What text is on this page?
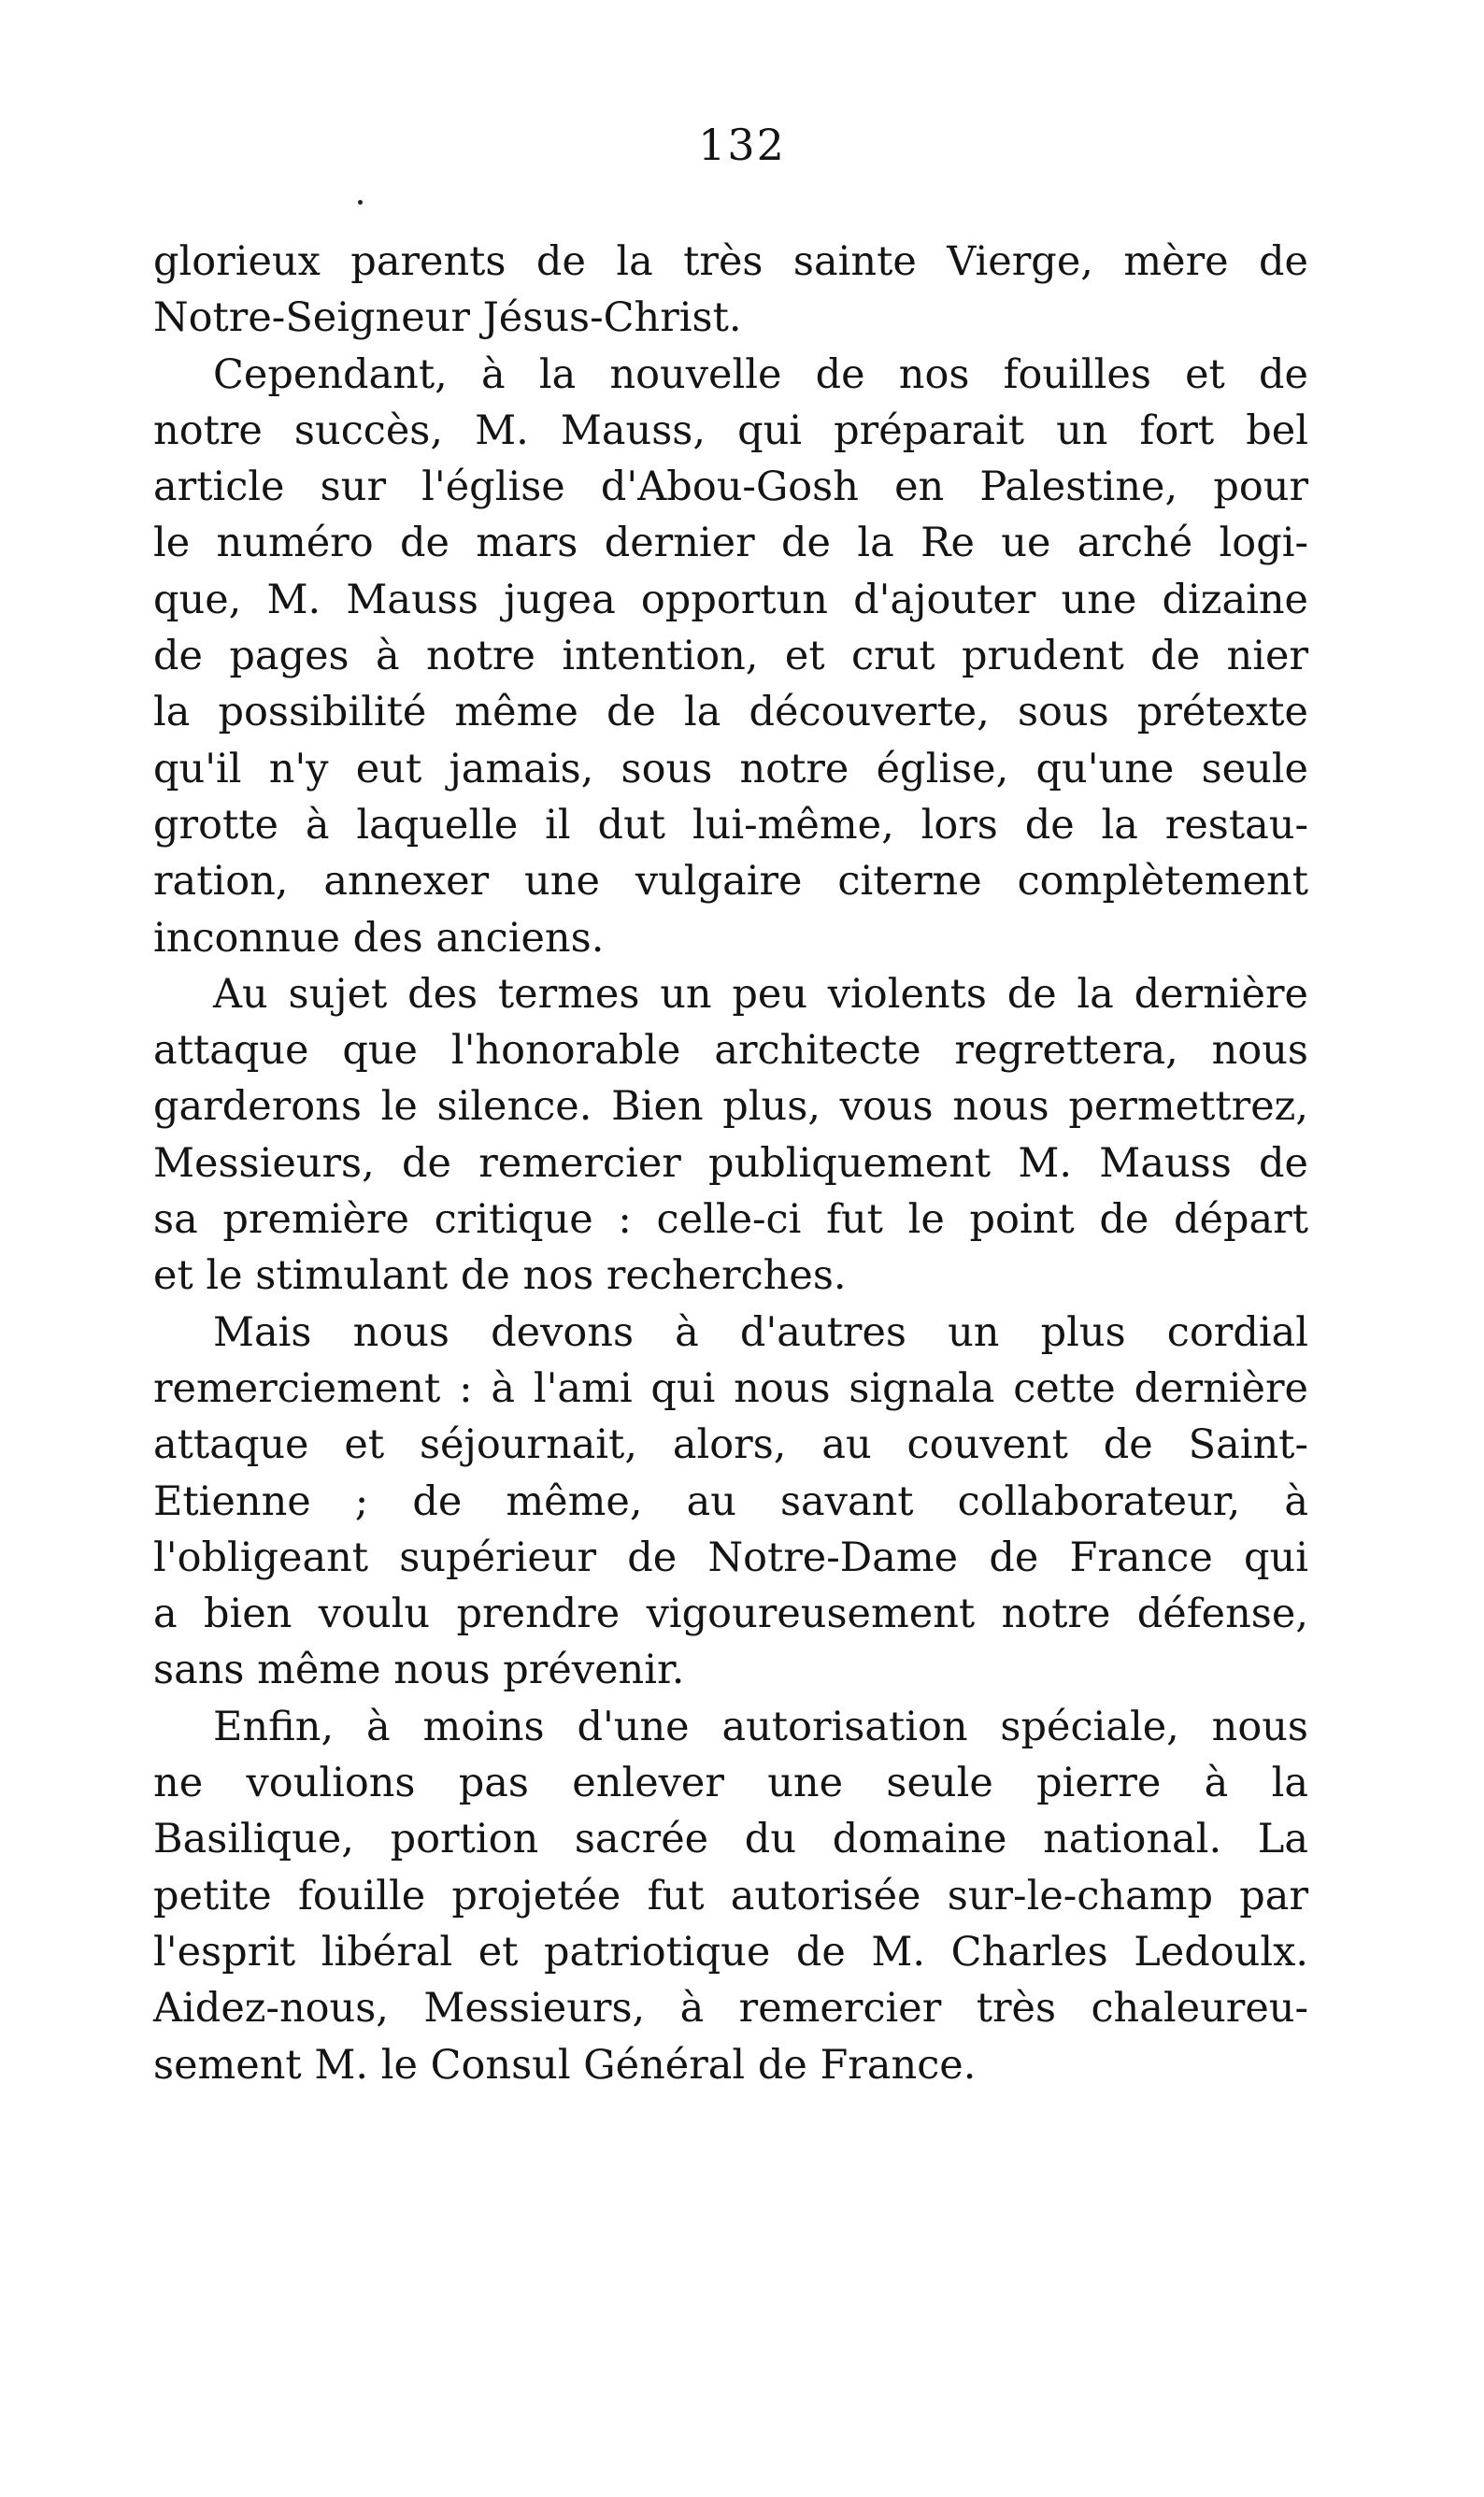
132
glorieux parents de la très sainte Vierge, mère de
Notre-Seigneur Jésus-Christ.
Cependant, à la nouvelle de nos fouilles et de
notre succès, M. Mauss, qui préparait un fort bel
article sur l'église d'Abou-Gosh en Palestine, pour
le numéro de mars dernier de la Re ue arché logi-
que, M. Mauss jugea opportun d'ajouter une dizaine
de pages à notre intention, et crut prudent de nier
la possibilité même de la découverte, sous prétexte
qu'il n'y eut jamais, sous notre église, qu'une seule
grotte à laquelle il dut lui-même, lors de la restau-
ration, annexer une vulgaire citerne complètement
inconnue des anciens.
Au sujet des termes un peu violents de la dernière
attaque que l'honorable architecte regrettera, nous
garderons le silence. Bien plus, vous nous permettrez,
Messieurs, de remercier publiquement M. Mauss de
sa première critique : celle-ci fut le point de départ
et le stimulant de nos recherches.
Mais nous devons à d'autres un plus cordial
remerciement : à l'ami qui nous signala cette dernière
attaque et séjournait, alors, au couvent de Saint-
Etienne ; de même, au savant collaborateur, à
l'obligeant supérieur de Notre-Dame de France qui
a bien voulu prendre vigoureusement notre défense,
sans même nous prévenir.
Enfin, à moins d'une autorisation spéciale, nous
ne voulions pas enlever une seule pierre à la
Basilique, portion sacrée du domaine national. La
petite fouille projetée fut autorisée sur-le-champ par
l'esprit libéral et patriotique de M. Charles Ledoulx.
Aidez-nous, Messieurs, à remercier très chaleureu-
sement M. le Consul Général de France.
